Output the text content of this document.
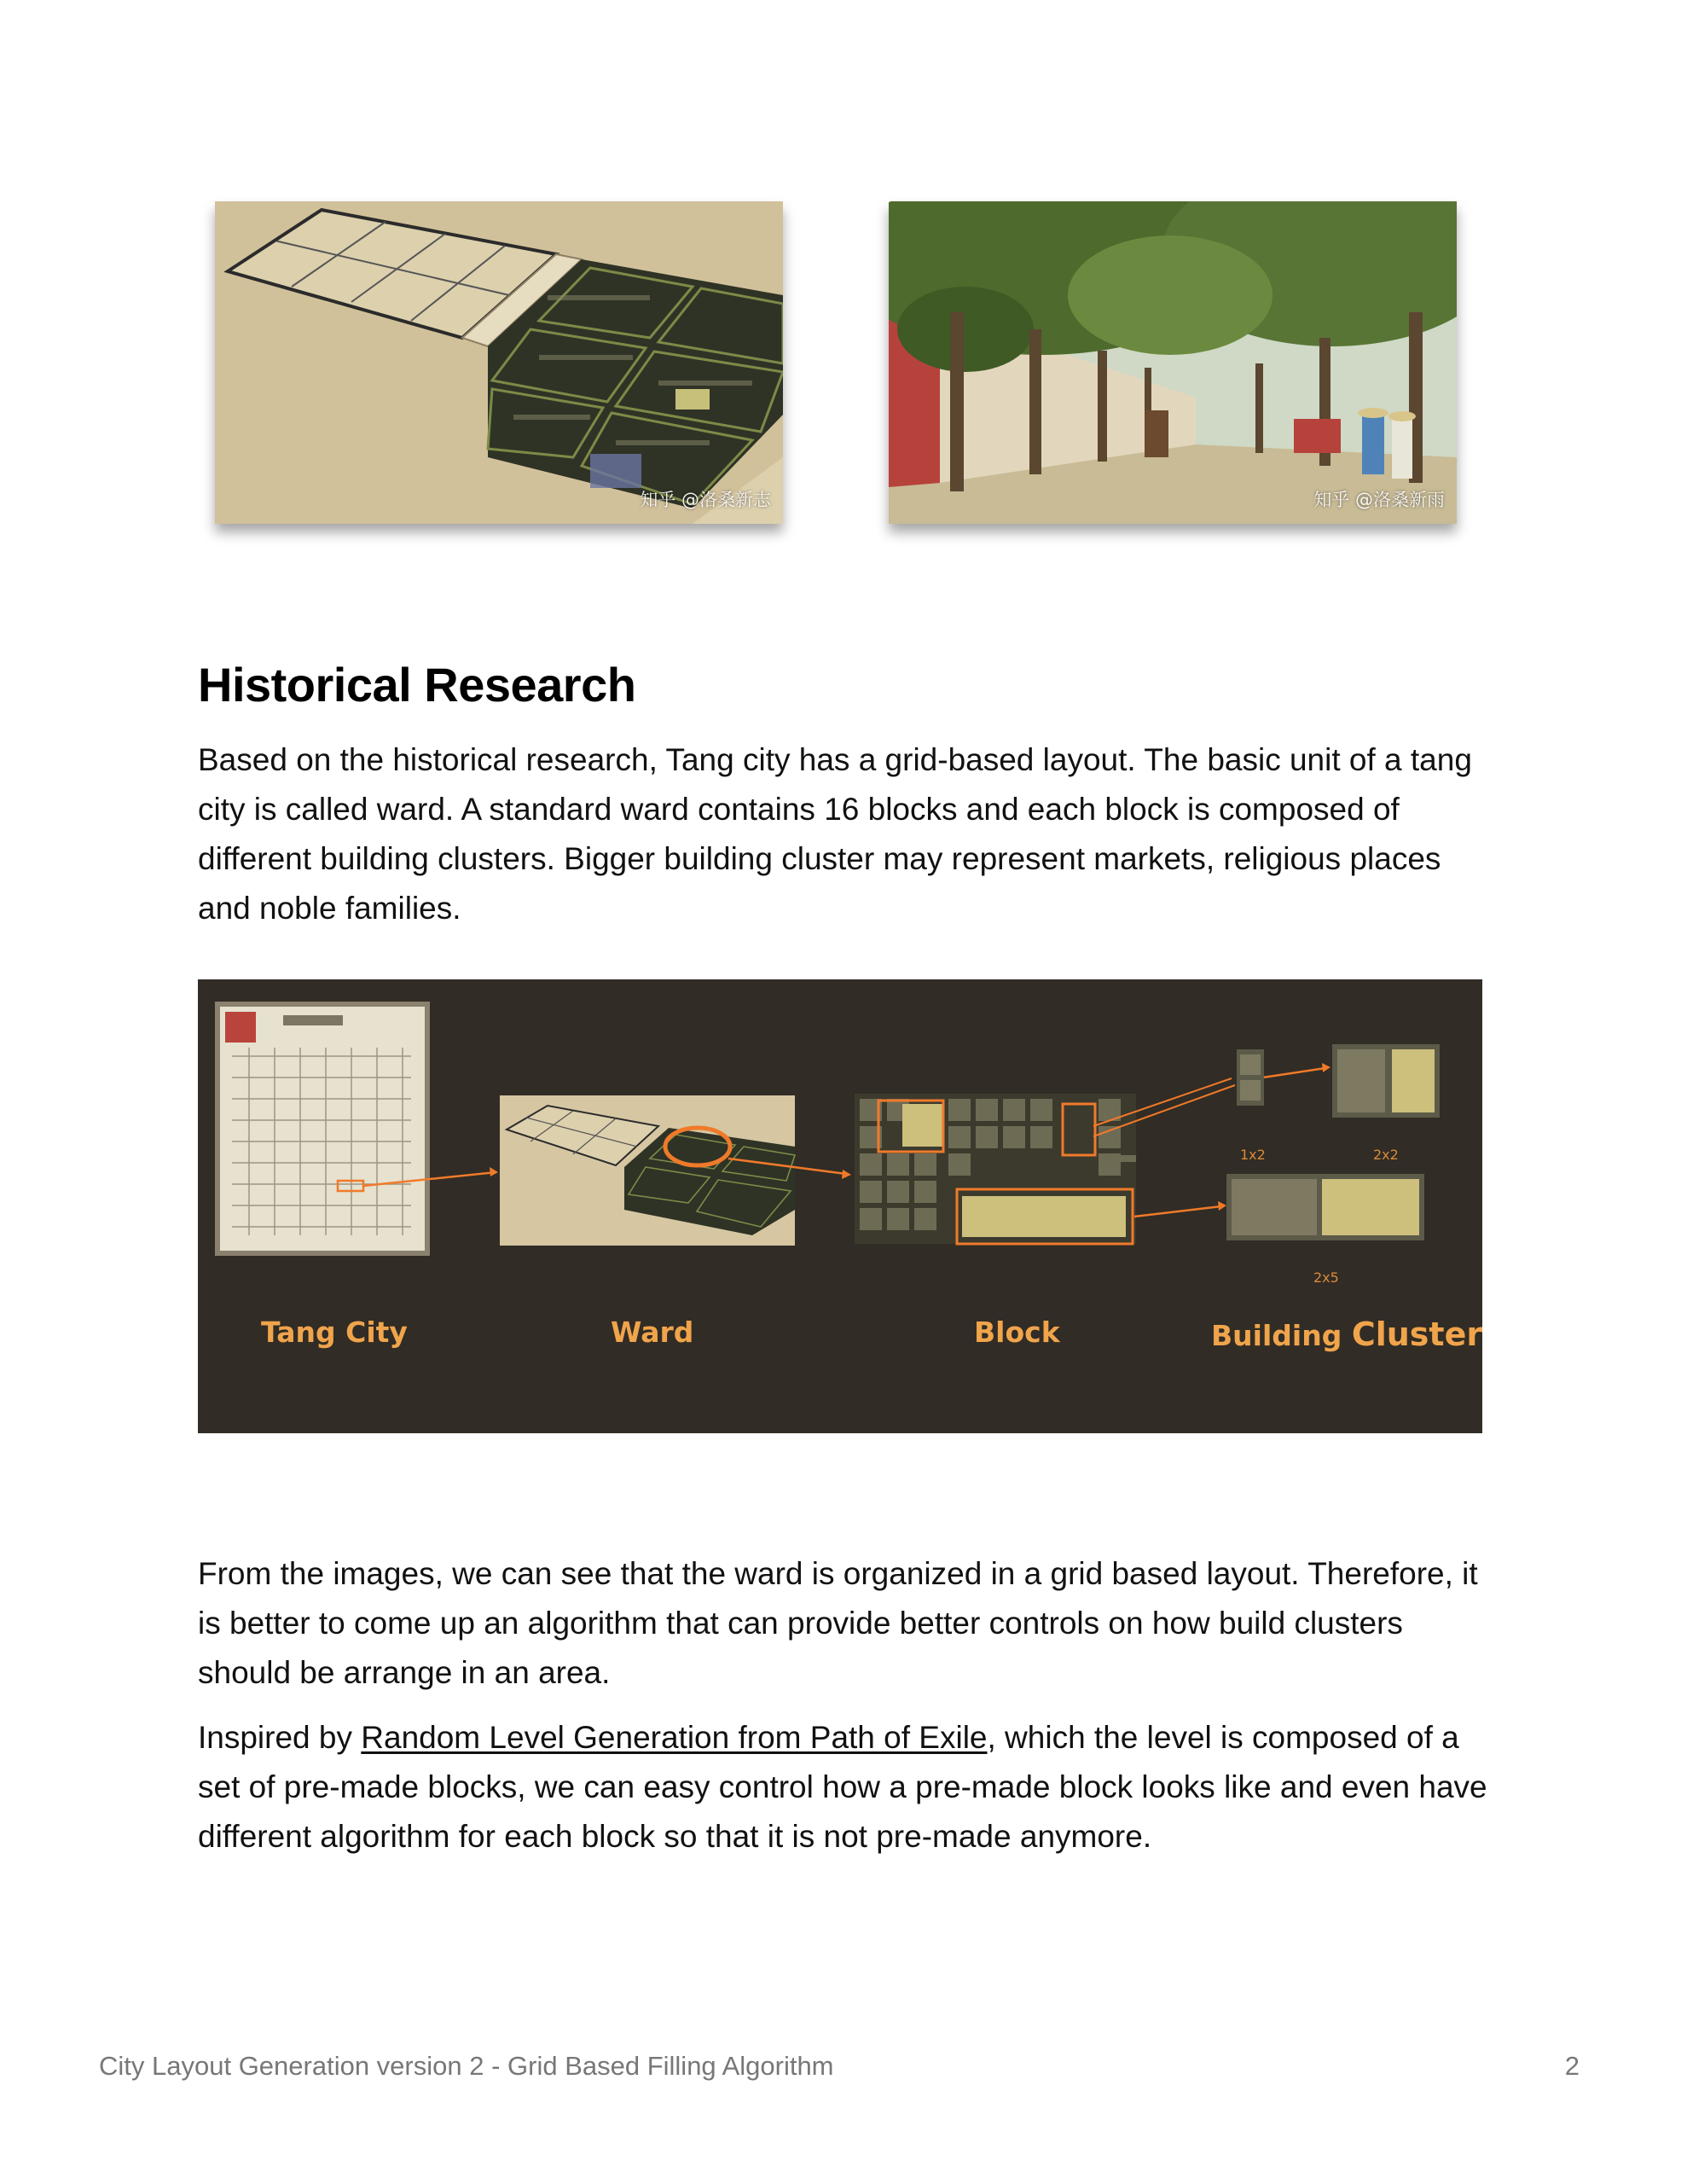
知乎 @洛桑新志	知乎 @洛桑新雨
Historical Research

Based on the historical research, Tang city has a grid-based layout. The basic unit of a tang city is called ward. A standard ward contains 16 blocks and each block is composed of different building clusters. Bigger building cluster may represent markets, religious places and noble families.

1x2	2x2
2x5
Tang City	Ward	Block	Building Cluster

From the images, we can see that the ward is organized in a grid based layout. Therefore, it is better to come up an algorithm that can provide better controls on how build clusters should be arrange in an area.

Inspired by Random Level Generation from Path of Exile, which the level is composed of a set of pre-made blocks, we can easy control how a pre-made block looks like and even have different algorithm for each block so that it is not pre-made anymore.

City Layout Generation version 2 - Grid Based Filling Algorithm	2
